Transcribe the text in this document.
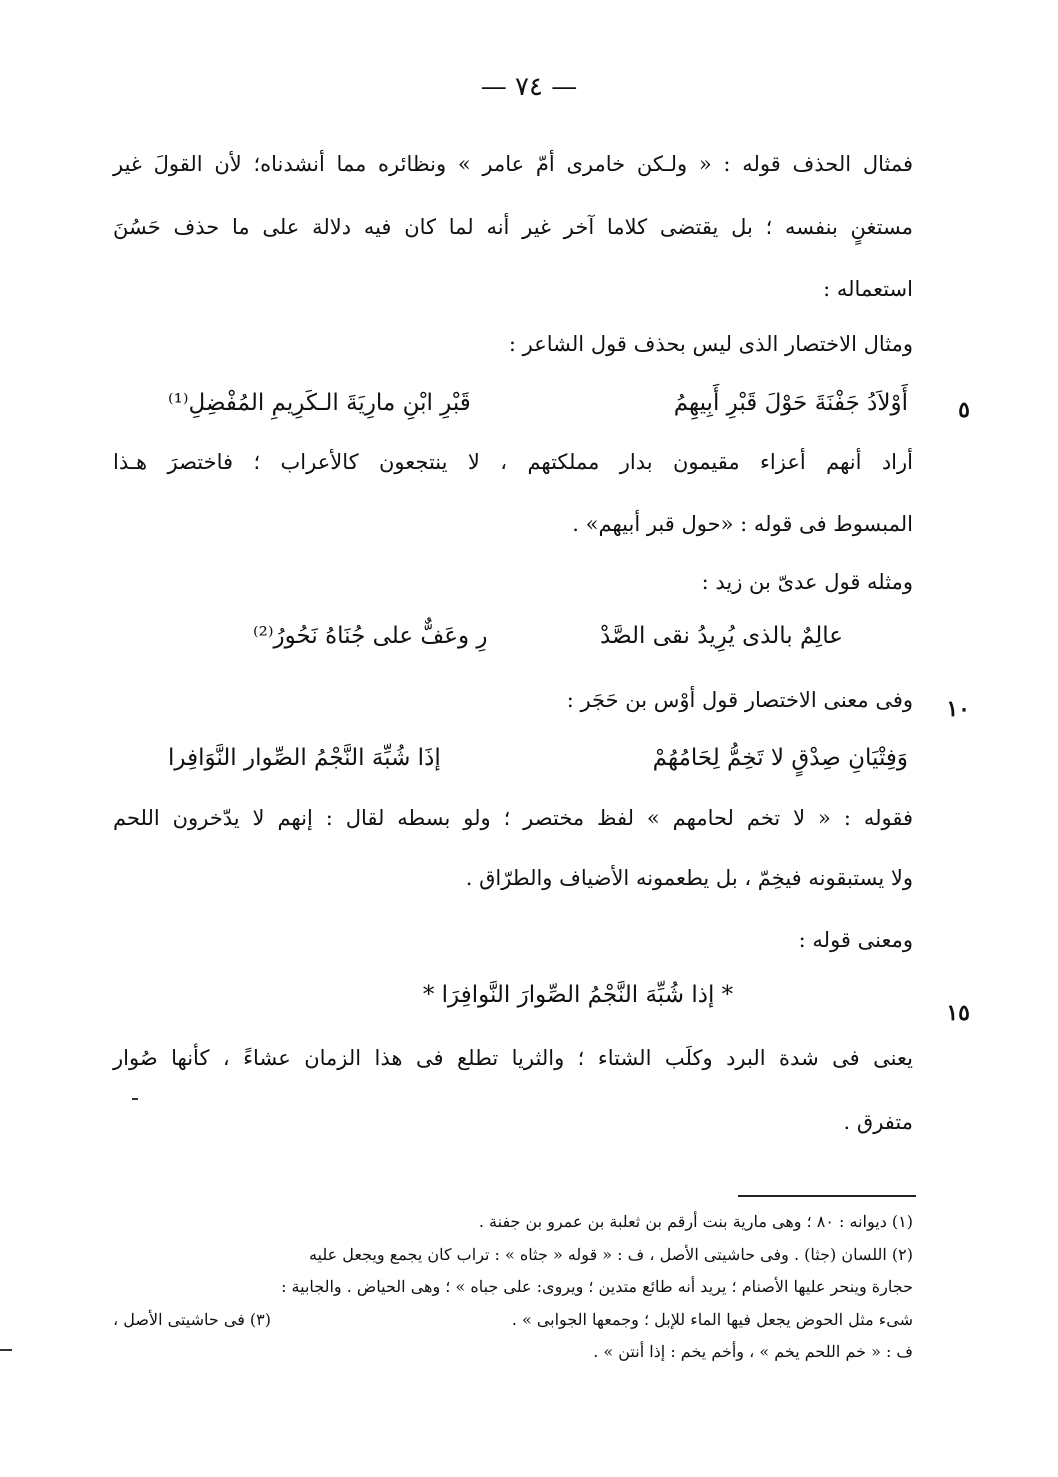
— ٧٤ —
فمثال الحذف قوله : « ولـكن خامرى أمّ عامر » ونظائره مما أنشدناه؛ لأن القولَ غير
مستغنٍ بنفسه ؛ بل يقتضى كلاما آخر غير أنه لما كان فيه دلالة على ما حذف حَسُنَ
استعماله :
ومثال الاختصار الذى ليس بحذف قول الشاعر :
٥
أَوْلاَدُ جَفْنَةَ حَوْلَ قَبْرِ أَبِيهِمُ
قَبْرِ ابْنِ مارِيَةَ الـكَرِيمِ المُفْضِلِ⁽¹⁾
أراد أنهم أعزاء مقيمون بدار مملكتهم ، لا ينتجعون كالأعراب ؛ فاختصرَ هـذا
المبسوط فى قوله : «حول قبر أبيهم» .
ومثله قول عدىّ بن زيد :
عالِمٌ بالذى يُرِيدُ نقى الصَّدْ
رِ وعَفٌّ على جُنَاهُ نَحُورُ⁽²⁾
١٠
وفى معنى الاختصار قول أوْس بن حَجَر :
وَفِتْيَانِ صِدْقٍ لا تَخِمُّ لِحَامُهُمْ
إذَا شُبِّهَ النَّجْمُ الصِّوار النَّوَافِرا
فقوله : « لا تخم لحامهم » لفظ مختصر ؛ ولو بسطه لقال : إنهم لا يدّخرون اللحم
ولا يستبقونه فيخِمّ ، بل يطعمونه الأضياف والطرّاق .
ومعنى قوله :
١٥
* إذا شُبِّهَ النَّجْمُ الصِّوارَ النَّوافِرَا *
يعنى فى شدة البرد وكلَب الشتاء ؛ والثريا تطلع فى هذا الزمان عشاءً ، كأنها صُوار
متفرق .
(١) ديوانه : ٨٠ ؛ وهى مارية بنت أرقم بن ثعلبة بن عمرو بن جفنة .
(٢) اللسان (جثا) . وفى حاشيتى الأصل ، ف : « قوله « جثاه » : تراب كان يجمع ويجعل عليه
حجارة وينحر عليها الأصنام ؛ يريد أنه طائع متدين ؛ ويروى: على جباه » ؛ وهى الحياض . والجابية :
شىء مثل الحوض يجعل فيها الماء للإبل ؛ وجمعها الجوابى » .
(٣) فى حاشيتى الأصل ،
ف : « خم اللحم يخم » ، وأخم يخم : إذا أنتن » .
